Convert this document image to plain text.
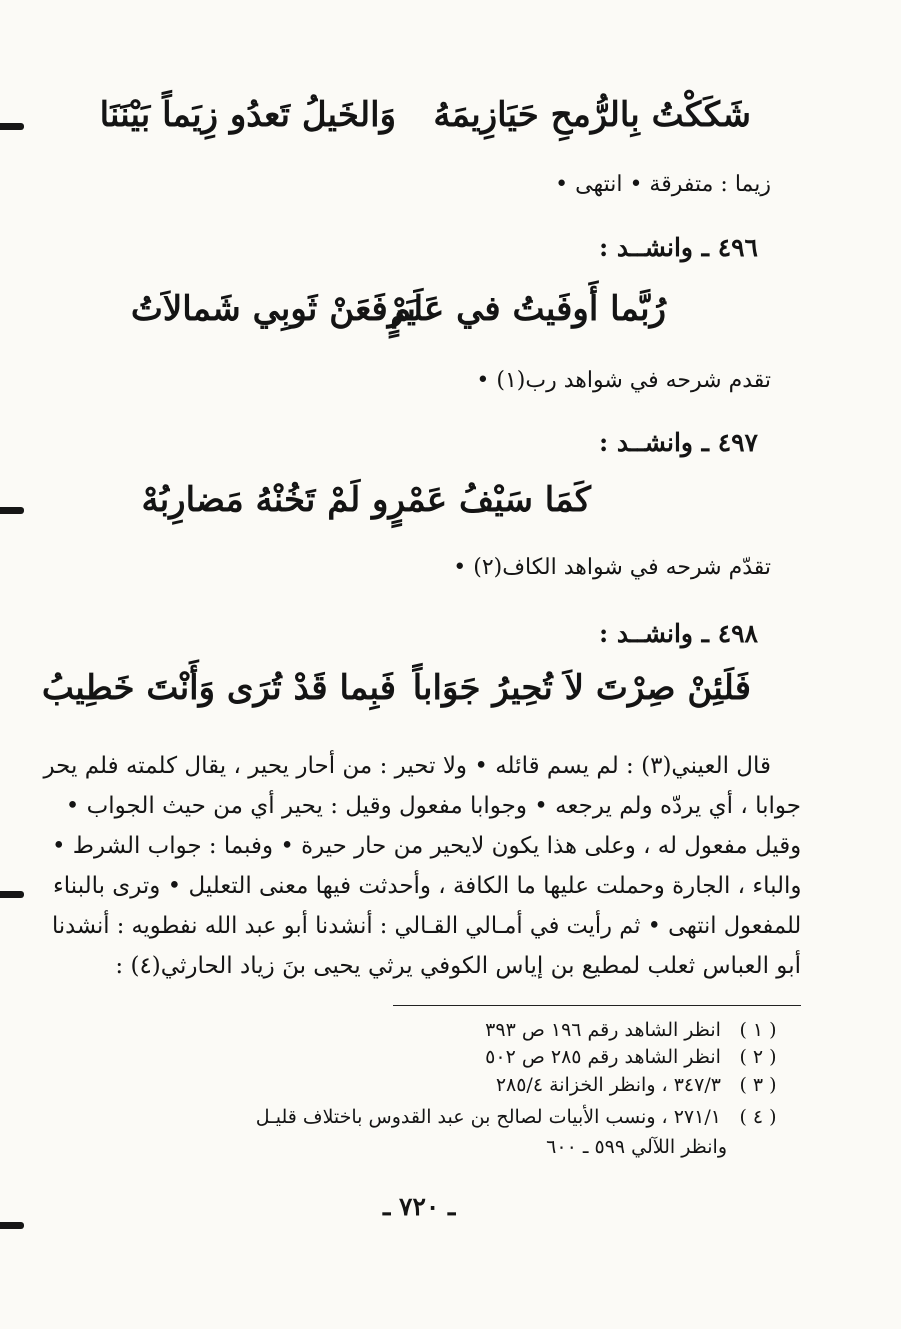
شَكَكْتُ بِالرُّمحِ حَيَازِيمَهُ
وَالخَيلُ تَعدُو زِيَماً بَيْنَنَا
زيما : متفرقة • انتهى •
٤٩٦ ـ وانشــد :
رُبَّما أَوفَيتُ في عَلَمٍ
يَرْفَعَنْ ثَوبِي شَمالاَتُ
تقدم شرحه في شواهد رب(١) •
٤٩٧ ـ وانشــد :
كَمَا سَيْفُ عَمْرٍو لَمْ تَخُنْهُ مَضارِبُهْ
تقدّم شرحه في شواهد الكاف(٢) •
٤٩٨ ـ وانشــد :
فَلَئِنْ صِرْتَ لاَ تُحِيرُ جَوَاباً
فَبِما قَدْ تُرَى وَأَنْتَ خَطِيبُ
قال العيني(٣) : لم يسم قائله • ولا تحير : من أحار يحير ، يقال كلمته فلم يحر
جوابا ، أي يردّه ولم يرجعه • وجوابا مفعول وقيل : يحير أي من حيث الجواب •
وقيل مفعول له ، وعلى هذا يكون لايحير من حار حيرة • وفبما : جواب الشرط •
والباء ، الجارة وحملت عليها ما الكافة ، وأحدثت فيها معنى التعليل • وترى بالبناء
للمفعول انتهى • ثم رأيت في أمـالي القـالي : أنشدنا أبو عبد الله نفطويه : أنشدنا
أبو العباس ثعلب لمطيع بن إياس الكوفي يرثي يحيى بنَ زياد الحارثي(٤) :
( ١ ) انظر الشاهد رقم ١٩٦ ص ٣٩٣
( ٢ ) انظر الشاهد رقم ٢٨٥ ص ٥٠٢
( ٣ ) ٣٤٧/٣ ، وانظر الخزانة ٢٨٥/٤
( ٤ ) ٢٧١/١ ، ونسب الأبيات لصالح بن عبد القدوس باختلاف قليـل
وانظر اللآلي ٥٩٩ ـ ٦٠٠
ـ ٧٢٠ ـ
